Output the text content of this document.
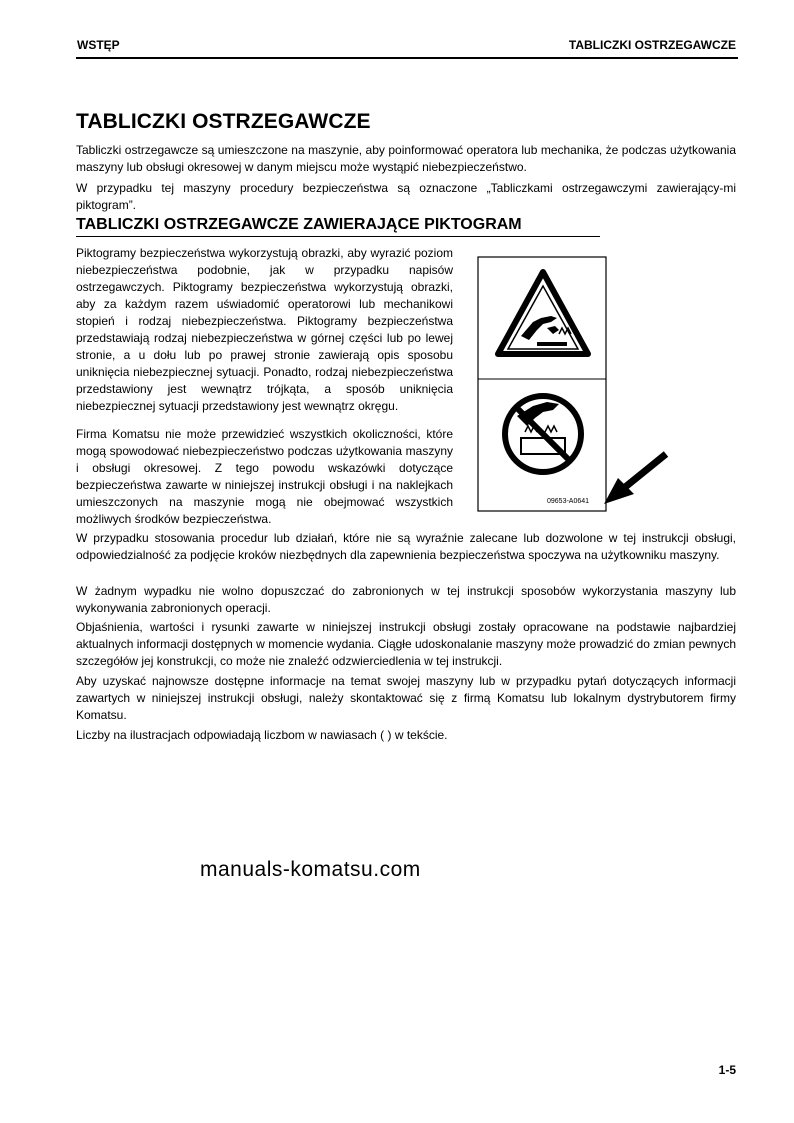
WSTĘP	TABLICZKI OSTRZEGAWCZE
TABLICZKI OSTRZEGAWCZE

Tabliczki ostrzegawcze są umieszczone na maszynie, aby poinformować operatora lub mechanika, że podczas użytkowania maszyny lub obsługi okresowej w danym miejscu może wystąpić niebezpieczeństwo.

W przypadku tej maszyny procedury bezpieczeństwa są oznaczone „Tabliczkami ostrzegawczymi zawierający-mi piktogram”.

TABLICZKI OSTRZEGAWCZE ZAWIERAJĄCE PIKTOGRAM

Piktogramy bezpieczeństwa wykorzystują obrazki, aby wyrazić poziom niebezpieczeństwa podobnie, jak w przypadku napisów ostrzegawczych. Piktogramy bezpieczeństwa wykorzystują obrazki, aby za każdym razem uświadomić operatorowi lub mechanikowi stopień i rodzaj niebezpieczeństwa. Piktogramy bezpieczeństwa przedstawiają rodzaj niebezpieczeństwa w górnej części lub po lewej stronie, a u dołu lub po prawej stronie zawierają opis sposobu uniknięcia niebezpiecznej sytuacji. Ponadto, rodzaj niebezpieczeństwa przedstawiony jest wewnątrz trójkąta, a sposób uniknięcia niebezpiecznej sytuacji przedstawiony jest wewnątrz okręgu.

Firma Komatsu nie może przewidzieć wszystkich okoliczności, które mogą spowodować niebezpieczeństwo podczas użytkowania maszyny i obsługi okresowej. Z tego powodu wskazówki dotyczące bezpieczeństwa zawarte w niniejszej instrukcji obsługi i na naklejkach umieszczonych na maszynie mogą nie obejmować wszystkich możliwych środków bezpieczeństwa.

09653-A0641

W przypadku stosowania procedur lub działań, które nie są wyraźnie zalecane lub dozwolone w tej instrukcji obsługi, odpowiedzialność za podjęcie kroków niezbędnych dla zapewnienia bezpieczeństwa spoczywa na użytkowniku maszyny.

W żadnym wypadku nie wolno dopuszczać do zabronionych w tej instrukcji sposobów wykorzystania maszyny lub wykonywania zabronionych operacji.

Objaśnienia, wartości i rysunki zawarte w niniejszej instrukcji obsługi zostały opracowane na podstawie najbardziej aktualnych informacji dostępnych w momencie wydania. Ciągłe udoskonalanie maszyny może prowadzić do zmian pewnych szczegółów jej konstrukcji, co może nie znaleźć odzwierciedlenia w tej instrukcji.

Aby uzyskać najnowsze dostępne informacje na temat swojej maszyny lub w przypadku pytań dotyczących informacji zawartych w niniejszej instrukcji obsługi, należy skontaktować się z firmą Komatsu lub lokalnym dystrybutorem firmy Komatsu.

Liczby na ilustracjach odpowiadają liczbom w nawiasach ( ) w tekście.

manuals-komatsu.com
1-5
